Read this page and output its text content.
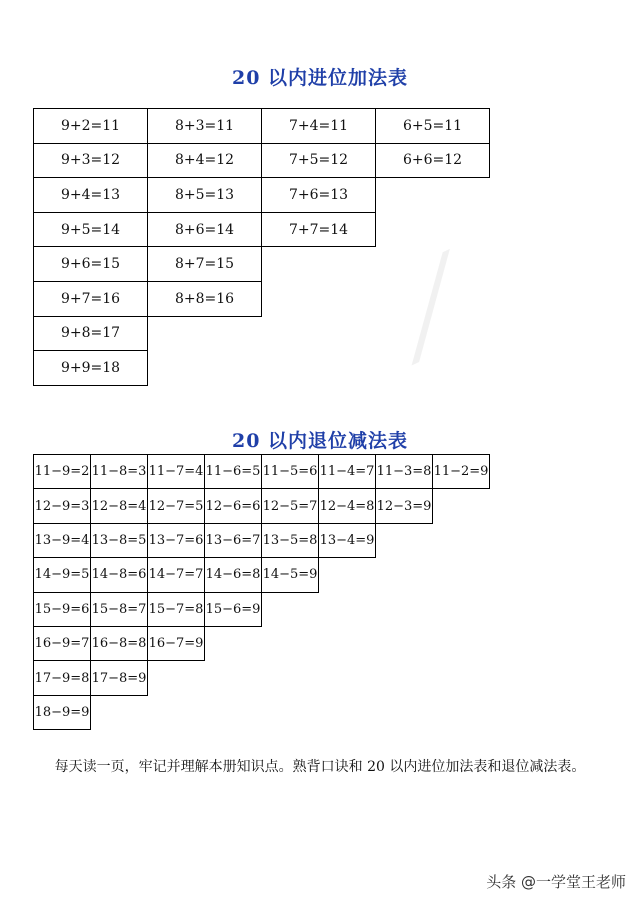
⟋
20 以内进位加法表
9+2=11	8+3=11	7+4=11	6+5=11
9+3=12	8+4=12	7+5=12	6+6=12
9+4=13	8+5=13	7+6=13	
9+5=14	8+6=14	7+7=14	
9+6=15	8+7=15		
9+7=16	8+8=16		
9+8=17			
9+9=18			
20 以内退位减法表
11−9=2	11−8=3	11−7=4	11−6=5	11−5=6	11−4=7	11−3=8	11−2=9
12−9=3	12−8=4	12−7=5	12−6=6	12−5=7	12−4=8	12−3=9	
13−9=4	13−8=5	13−7=6	13−6=7	13−5=8	13−4=9		
14−9=5	14−8=6	14−7=7	14−6=8	14−5=9			
15−9=6	15−8=7	15−7=8	15−6=9				
16−9=7	16−8=8	16−7=9					
17−9=8	17−8=9						
18−9=9							
每天读一页，牢记并理解本册知识点。熟背口诀和 20 以内进位加法表和退位减法表。
头条 @一学堂王老师
